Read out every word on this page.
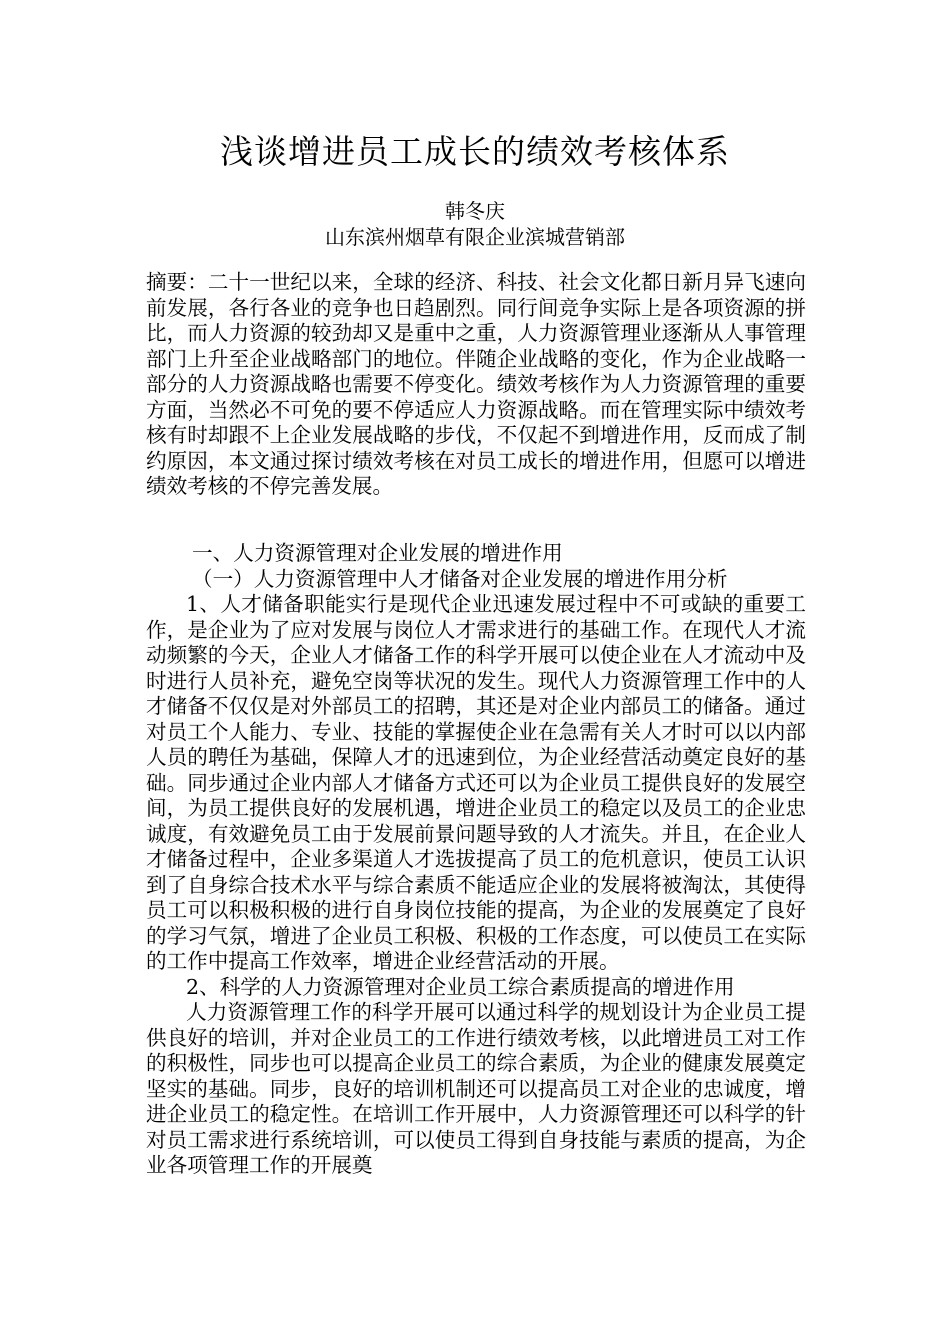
浅谈增进员工成长的绩效考核体系
韩冬庆
山东滨州烟草有限企业滨城营销部
摘要：二十一世纪以来，全球的经济、科技、社会文化都日新月异飞速向前发展，各行各业的竞争也日趋剧烈。同行间竞争实际上是各项资源的拼比，而人力资源的较劲却又是重中之重，人力资源管理业逐渐从人事管理部门上升至企业战略部门的地位。伴随企业战略的变化，作为企业战略一部分的人力资源战略也需要不停变化。绩效考核作为人力资源管理的重要方面，当然必不可免的要不停适应人力资源战略。而在管理实际中绩效考核有时却跟不上企业发展战略的步伐，不仅起不到增进作用，反而成了制约原因，本文通过探讨绩效考核在对员工成长的增进作用，但愿可以增进绩效考核的不停完善发展。

一、人力资源管理对企业发展的增进作用

（一）人力资源管理中人才储备对企业发展的增进作用分析

1、人才储备职能实行是现代企业迅速发展过程中不可或缺的重要工作，是企业为了应对发展与岗位人才需求进行的基础工作。在现代人才流动频繁的今天，企业人才储备工作的科学开展可以使企业在人才流动中及时进行人员补充，避免空岗等状况的发生。现代人力资源管理工作中的人才储备不仅仅是对外部员工的招聘，其还是对企业内部员工的储备。通过对员工个人能力、专业、技能的掌握使企业在急需有关人才时可以以内部人员的聘任为基础，保障人才的迅速到位，为企业经营活动奠定良好的基础。同步通过企业内部人才储备方式还可以为企业员工提供良好的发展空间，为员工提供良好的发展机遇，增进企业员工的稳定以及员工的企业忠诚度，有效避免员工由于发展前景问题导致的人才流失。并且，在企业人才储备过程中，企业多渠道人才选拔提高了员工的危机意识，使员工认识到了自身综合技术水平与综合素质不能适应企业的发展将被淘汰，其使得员工可以积极积极的进行自身岗位技能的提高，为企业的发展奠定了良好的学习气氛，增进了企业员工积极、积极的工作态度，可以使员工在实际的工作中提高工作效率，增进企业经营活动的开展。

2、科学的人力资源管理对企业员工综合素质提高的增进作用

人力资源管理工作的科学开展可以通过科学的规划设计为企业员工提供良好的培训，并对企业员工的工作进行绩效考核，以此增进员工对工作的积极性，同步也可以提高企业员工的综合素质，为企业的健康发展奠定坚实的基础。同步，良好的培训机制还可以提高员工对企业的忠诚度，增进企业员工的稳定性。在培训工作开展中，人力资源管理还可以科学的针对员工需求进行系统培训，可以使员工得到自身技能与素质的提高，为企业各项管理工作的开展奠
